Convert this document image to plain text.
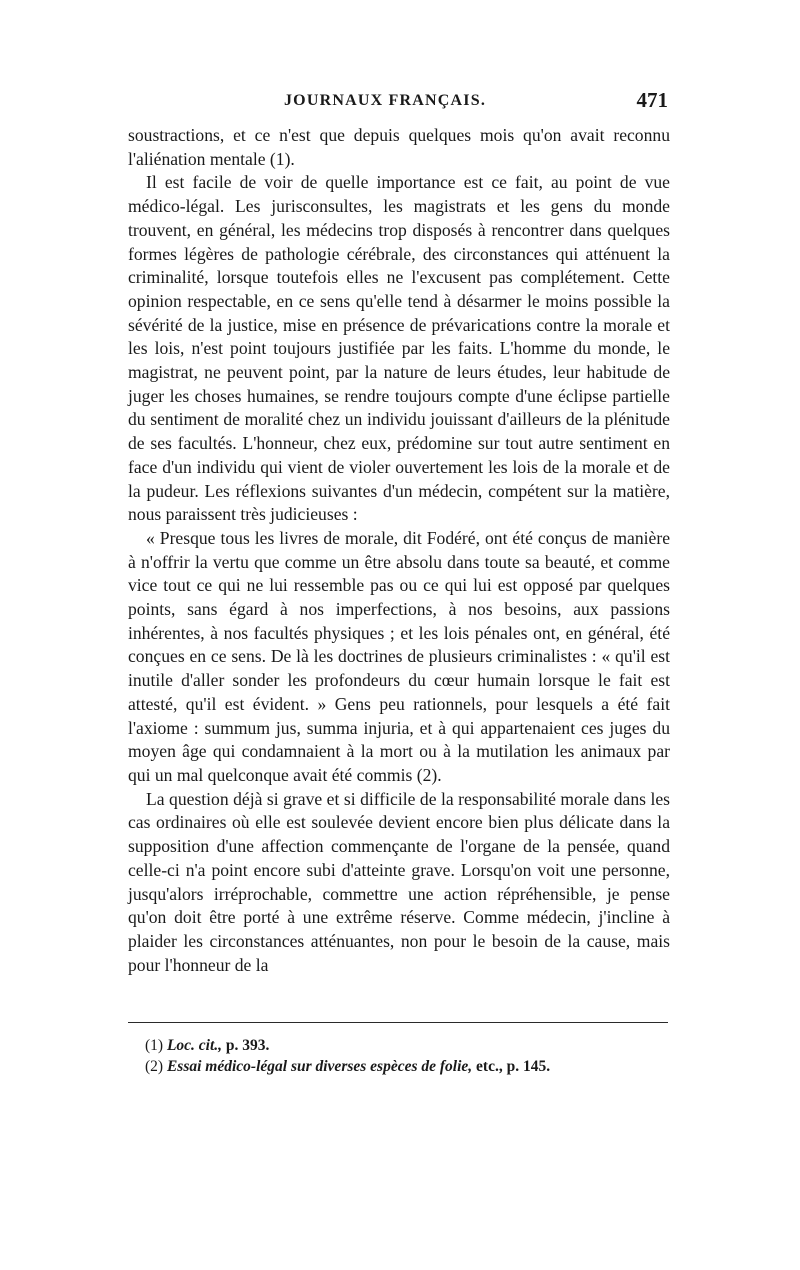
JOURNAUX FRANÇAIS.	471

soustractions, et ce n'est que depuis quelques mois qu'on avait reconnu l'aliénation mentale (1).

Il est facile de voir de quelle importance est ce fait, au point de vue médico-légal. Les jurisconsultes, les magistrats et les gens du monde trouvent, en général, les médecins trop disposés à rencontrer dans quelques formes légères de pathologie cérébrale, des circonstances qui atténuent la criminalité, lorsque toutefois elles ne l'excusent pas complétement. Cette opinion respectable, en ce sens qu'elle tend à désarmer le moins possible la sévérité de la justice, mise en présence de prévarications contre la morale et les lois, n'est point toujours justifiée par les faits. L'homme du monde, le magistrat, ne peuvent point, par la nature de leurs études, leur habitude de juger les choses humaines, se rendre toujours compte d'une éclipse partielle du sentiment de moralité chez un individu jouissant d'ailleurs de la plénitude de ses facultés. L'honneur, chez eux, prédomine sur tout autre sentiment en face d'un individu qui vient de violer ouvertement les lois de la morale et de la pudeur. Les réflexions suivantes d'un médecin, compétent sur la matière, nous paraissent très judicieuses :

« Presque tous les livres de morale, dit Fodéré, ont été conçus de manière à n'offrir la vertu que comme un être absolu dans toute sa beauté, et comme vice tout ce qui ne lui ressemble pas ou ce qui lui est opposé par quelques points, sans égard à nos imperfections, à nos besoins, aux passions inhérentes, à nos facultés physiques ; et les lois pénales ont, en général, été conçues en ce sens. De là les doctrines de plusieurs criminalistes : « qu'il est inutile d'aller sonder les profondeurs du cœur humain lorsque le fait est attesté, qu'il est évident. » Gens peu rationnels, pour lesquels a été fait l'axiome : summum jus, summa injuria, et à qui appartenaient ces juges du moyen âge qui condamnaient à la mort ou à la mutilation les animaux par qui un mal quelconque avait été commis (2).

La question déjà si grave et si difficile de la responsabilité morale dans les cas ordinaires où elle est soulevée devient encore bien plus délicate dans la supposition d'une affection commençante de l'organe de la pensée, quand celle-ci n'a point encore subi d'atteinte grave. Lorsqu'on voit une personne, jusqu'alors irréprochable, commettre une action répréhensible, je pense qu'on doit être porté à une extrême réserve. Comme médecin, j'incline à plaider les circonstances atténuantes, non pour le besoin de la cause, mais pour l'honneur de la

(1) Loc. cit., p. 393.

(2) Essai médico-légal sur diverses espèces de folie, etc., p. 145.
